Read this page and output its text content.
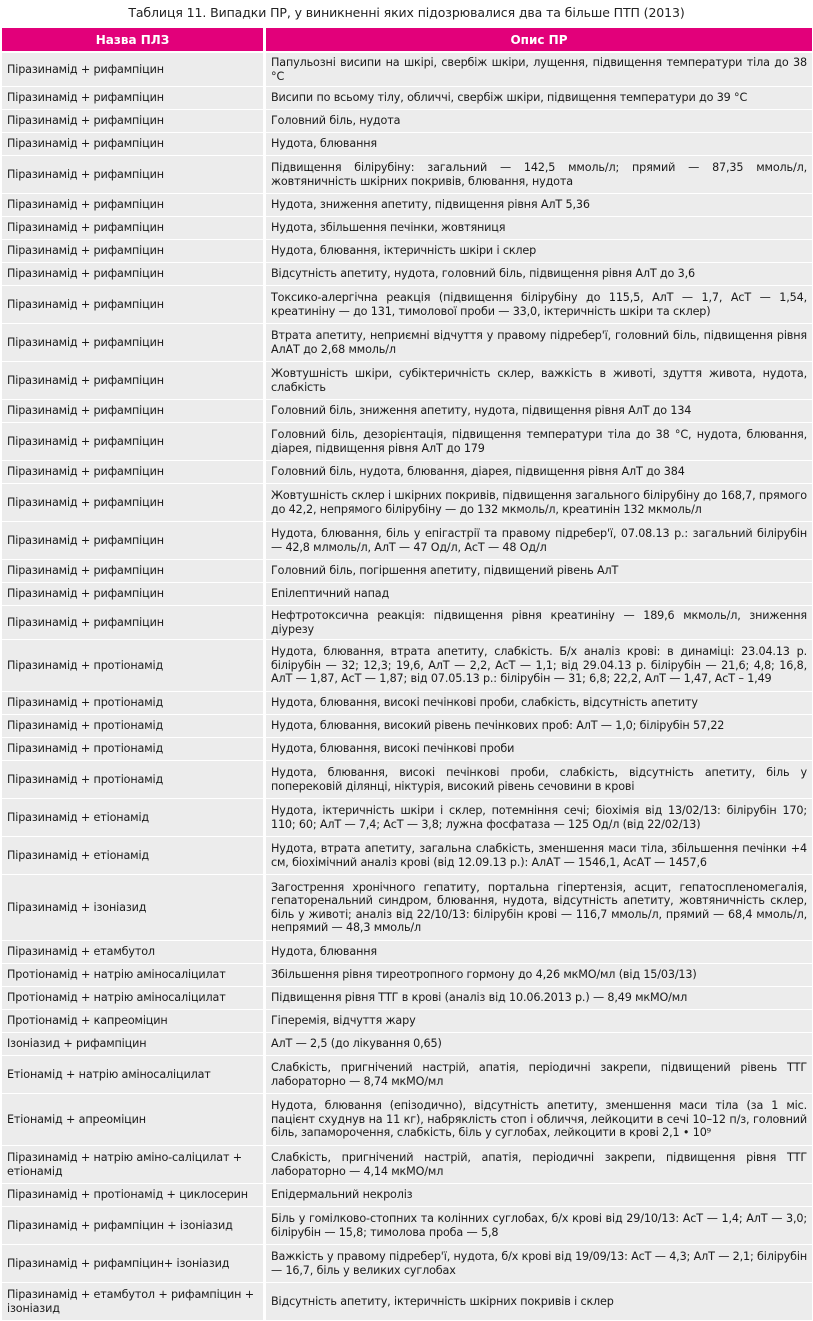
Таблиця 11. Випадки ПР, у виникненні яких підозрювалися два та більше ПТП (2013)
Назва ПЛЗ	Опис ПР
Піразинамід + рифампіцин	Папульозні висипи на шкірі, свербіж шкіри, лущення, підвищення температури тіла до 38 °С
Піразинамід + рифампіцин	Висипи по всьому тілу, обличчі, свербіж шкіри, підвищення температури до 39 °С
Піразинамід + рифампіцин	Головний біль, нудота
Піразинамід + рифампіцин	Нудота, блювання
Піразинамід + рифампіцин	Підвищення білірубіну: загальний — 142,5 ммоль/л; прямий — 87,35 ммоль/л, жовтяничність шкірних покривів, блювання, нудота
Піразинамід + рифампіцин	Нудота, зниження апетиту, підвищення рівня АлТ 5,36
Піразинамід + рифампіцин	Нудота, збільшення печінки, жовтяниця
Піразинамід + рифампіцин	Нудота, блювання, іктеричність шкіри і склер
Піразинамід + рифампіцин	Відсутність апетиту, нудота, головний біль, підвищення рівня АлТ до 3,6
Піразинамід + рифампіцин	Токсико-алергічна реакція (підвищення білірубіну до 115,5, АлТ — 1,7, АсТ — 1,54, креатиніну — до 131, тимолової проби — 33,0, іктеричність шкіри та склер)
Піразинамід + рифампіцин	Втрата апетиту, неприємні відчуття у правому підребер'ї, головний біль, підвищення рівня АлАТ до 2,68 ммоль/л
Піразинамід + рифампіцин	Жовтушність шкіри, субіктеричність склер, важкість в животі, здуття живота, нудота, слабкість
Піразинамід + рифампіцин	Головний біль, зниження апетиту, нудота, підвищення рівня АлТ до 134
Піразинамід + рифампіцин	Головний біль, дезорієнтація, підвищення температури тіла до 38 °С, нудота, блювання, діарея, підвищення рівня АлТ до 179
Піразинамід + рифампіцин	Головний біль, нудота, блювання, діарея, підвищення рівня АлТ до 384
Піразинамід + рифампіцин	Жовтушність склер і шкірних покривів, підвищення загального білірубіну до 168,7, прямого до 42,2, непрямого білірубіну — до 132 мкмоль/л, креатинін 132 мкмоль/л
Піразинамід + рифампіцин	Нудота, блювання, біль у епігастрії та правому підребер'ї, 07.08.13 р.: загальний білірубін — 42,8 млмоль/л, АлТ — 47 Од/л, АсТ — 48 Од/л
Піразинамід + рифампіцин	Головний біль, погіршення апетиту, підвищений рівень АлТ
Піразинамід + рифампіцин	Епілептичний напад
Піразинамід + рифампіцин	Нефтротоксична реакція: підвищення рівня креатиніну — 189,6 мкмоль/л, зниження діурезу
Піразинамід + протіонамід	Нудота, блювання, втрата апетиту, слабкість. Б/х аналіз крові: в динаміці: 23.04.13 р. білірубін — 32; 12,3; 19,6, АлТ — 2,2, АсТ — 1,1; від 29.04.13 р. білірубін — 21,6; 4,8; 16,8, АлТ — 1,87, АсТ — 1,87; від 07.05.13 р.: білірубін — 31; 6,8; 22,2, АлТ — 1,47, АсТ – 1,49
Піразинамід + протіонамід	Нудота, блювання, високі печінкові проби, слабкість, відсутність апетиту
Піразинамід + протіонамід	Нудота, блювання, високий рівень печінкових проб: АлТ — 1,0; білірубін 57,22
Піразинамід + протіонамід	Нудота, блювання, високі печінкові проби
Піразинамід + протіонамід	Нудота, блювання, високі печінкові проби, слабкість, відсутність апетиту, біль у поперековій ділянці, ніктурія, високий рівень сечовини в крові
Піразинамід + етіонамід	Нудота, іктеричність шкіри і склер, потемніння сечі; біохімія від 13/02/13: білірубін 170; 110; 60; АлТ — 7,4; АсТ — 3,8; лужна фосфатаза — 125 Од/л (від 22/02/13)
Піразинамід + етіонамід	Нудота, втрата апетиту, загальна слабкість, зменшення маси тіла, збільшення печінки +4 см, біохімічний аналіз крові (від 12.09.13 р.): АлАТ — 1546,1, АсАТ — 1457,6
Піразинамід + ізоніазид	Загострення хронічного гепатиту, портальна гіпертензія, асцит, гепатоспленомегалія, гепаторенальний синдром, блювання, нудота, відсутність апетиту, жовтяничність склер, біль у животі; аналіз від 22/10/13: білірубін крові — 116,7 ммоль/л, прямий — 68,4 ммоль/л, непрямий — 48,3 ммоль/л
Піразинамід + етамбутол	Нудота, блювання
Протіонамід + натрію аміносаліцилат	Збільшення рівня тиреотропного гормону до 4,26 мкМО/мл (від 15/03/13)
Протіонамід + натрію аміносаліцилат	Підвищення рівня ТТГ в крові (аналіз від 10.06.2013 р.) — 8,49 мкМО/мл
Протіонамід + капреоміцин	Гіперемія, відчуття жару
Ізоніазид + рифампіцин	АлТ — 2,5 (до лікування 0,65)
Етіонамід + натрію аміносаліцилат	Слабкість, пригнічений настрій, апатія, періодичні закрепи, підвищений рівень ТТГ лабораторно — 8,74 мкМО/мл
Етіонамід + апреоміцин	Нудота, блювання (епізодично), відсутність апетиту, зменшення маси тіла (за 1 міс. пацієнт схуднув на 11 кг), набряклість стоп і обличчя, лейкоцити в сечі 10–12 п/з, головний біль, запаморочення, слабкість, біль у суглобах, лейкоцити в крові 2,1 • 10⁹
Піразинамід + натрію аміно-саліцилат + етіонамід	Слабкість, пригнічений настрій, апатія, періодичні закрепи, підвищення рівня ТТГ лабораторно — 4,14 мкМО/мл
Піразинамід + протіонамід + циклосерин	Епідермальний некроліз
Піразинамід + рифампіцин + ізоніазид	Біль у гомілково-стопних та колінних суглобах, б/х крові від 29/10/13: АсТ — 1,4; АлТ — 3,0; білірубін — 15,8; тимолова проба — 5,8
Піразинамід + рифампіцин+ ізоніазид	Важкість у правому підребер'ї, нудота, б/х крові від 19/09/13: АсТ — 4,3; АлТ — 2,1; білірубін — 16,7, біль у великих суглобах
Піразинамід + етамбутол + рифампіцин + ізоніазид	Відсутність апетиту, іктеричність шкірних покривів і склер
